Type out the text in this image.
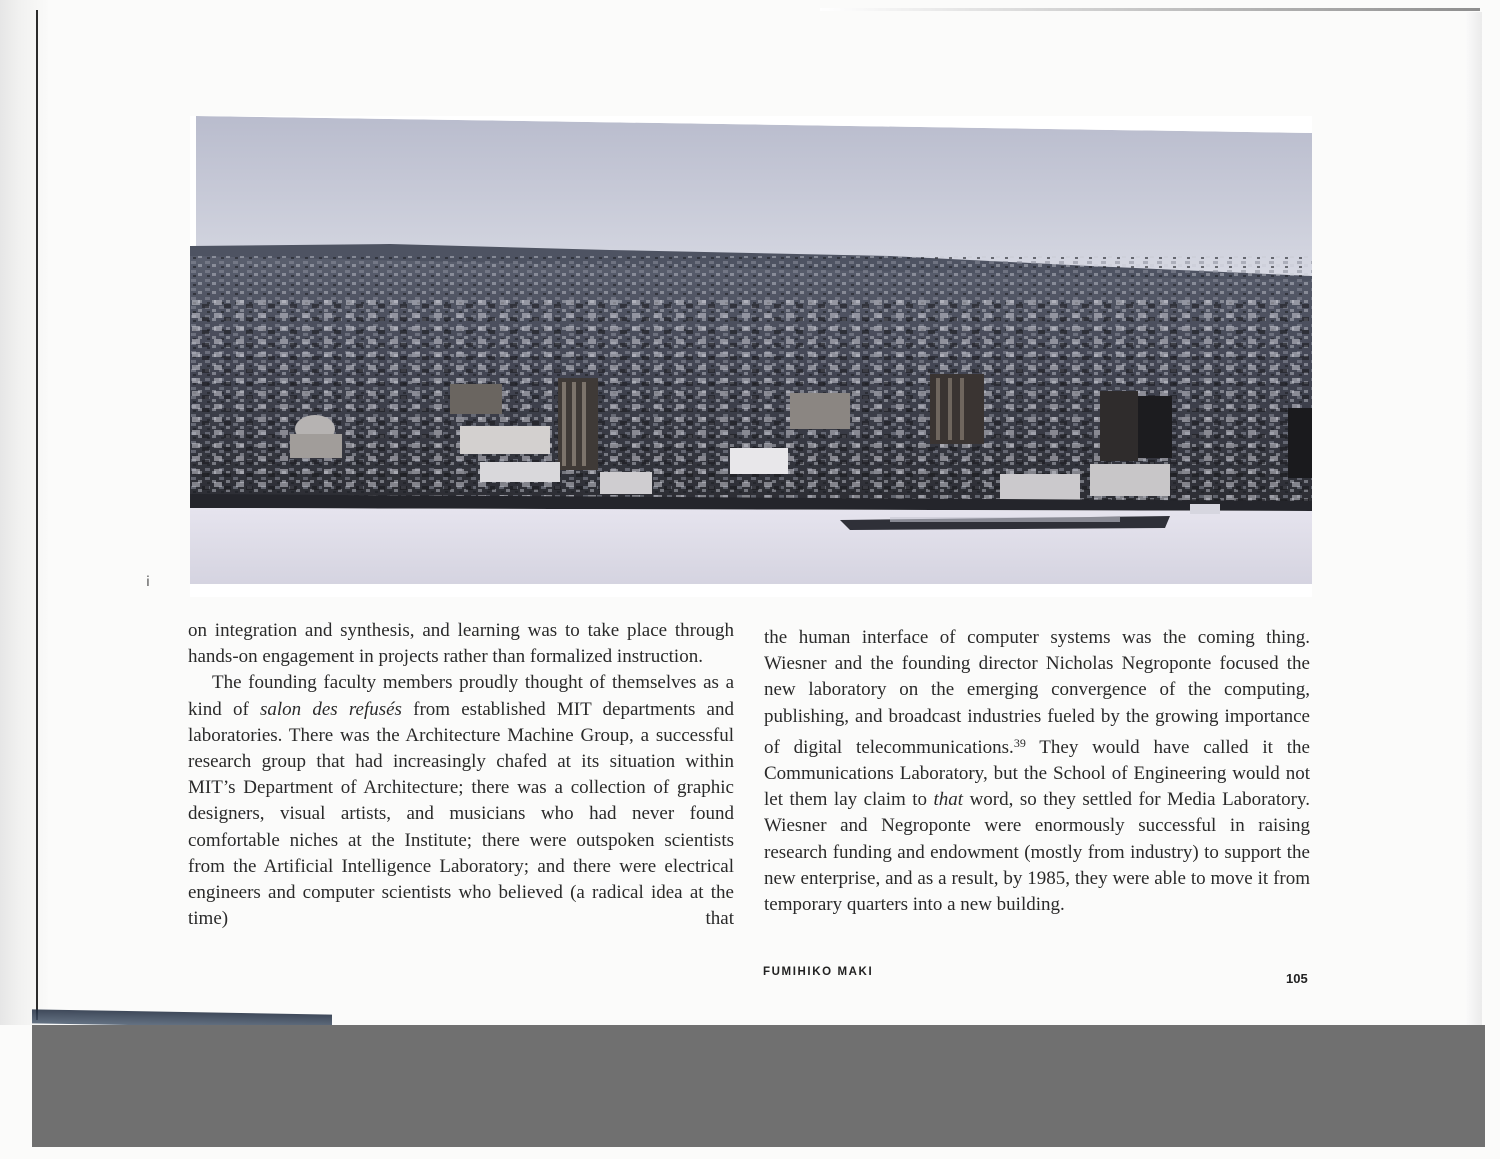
ⅰ

on integration and synthesis, and learning was to take place through hands-on engagement in projects rather than formalized instruction.

The founding faculty members proudly thought of themselves as a kind of salon des refusés from established MIT departments and laboratories. There was the Architecture Machine Group, a successful research group that had increasingly chafed at its situation within MIT’s Department of Architecture; there was a collection of graphic designers, visual artists, and musicians who had never found comfortable niches at the Institute; there were outspoken scientists from the Artificial Intelligence Laboratory; and there were electrical engineers and computer scientists who believed (a radical idea at the time) that

the human interface of computer systems was the coming thing. Wiesner and the founding director Nicholas Negroponte focused the new laboratory on the emerging convergence of the computing, publishing, and broadcast industries fueled by the growing importance of digital telecommunications.$^{39}$ They would have called it the Communications Laboratory, but the School of Engineering would not let them lay claim to that word, so they settled for Media Laboratory. Wiesner and Negroponte were enormously successful in raising research funding and endowment (mostly from industry) to support the new enterprise, and as a result, by 1985, they were able to move it from temporary quarters into a new building.

FUMIHIKO MAKI	105
